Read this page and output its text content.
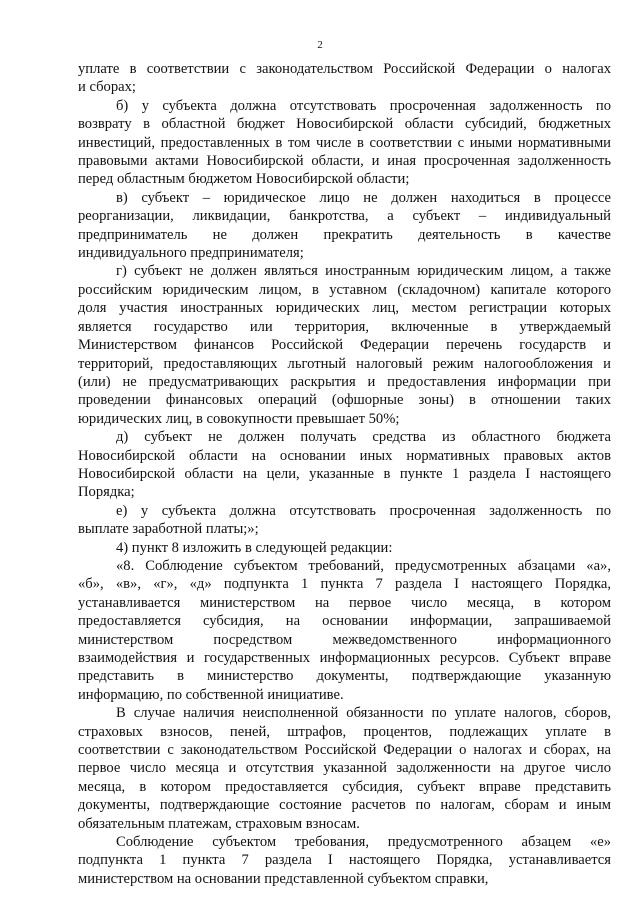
2
уплате в соответствии с законодательством Российской Федерации о налогах
и сборах;
б) у субъекта должна отсутствовать просроченная задолженность по
возврату в областной бюджет Новосибирской области субсидий, бюджетных
инвестиций, предоставленных в том числе в соответствии с иными нормативными
правовыми актами Новосибирской области, и иная просроченная задолженность
перед областным бюджетом Новосибирской области;
в) субъект – юридическое лицо не должен находиться в процессе
реорганизации, ликвидации, банкротства, а субъект – индивидуальный
предприниматель не должен прекратить деятельность в качестве
индивидуального предпринимателя;
г) субъект не должен являться иностранным юридическим лицом, а также
российским юридическим лицом, в уставном (складочном) капитале которого
доля участия иностранных юридических лиц, местом регистрации которых
является государство или территория, включенные в утверждаемый
Министерством финансов Российской Федерации перечень государств и
территорий, предоставляющих льготный налоговый режим налогообложения и
(или) не предусматривающих раскрытия и предоставления информации при
проведении финансовых операций (офшорные зоны) в отношении таких
юридических лиц, в совокупности превышает 50%;
д) субъект не должен получать средства из областного бюджета
Новосибирской области на основании иных нормативных правовых актов
Новосибирской области на цели, указанные в пункте 1 раздела I настоящего
Порядка;
е) у субъекта должна отсутствовать просроченная задолженность по
выплате заработной платы;»;
4) пункт 8 изложить в следующей редакции:
«8. Соблюдение субъектом требований, предусмотренных абзацами «а»,
«б», «в», «г», «д» подпункта 1 пункта 7 раздела I настоящего Порядка,
устанавливается министерством на первое число месяца, в котором
предоставляется субсидия, на основании информации, запрашиваемой
министерством посредством межведомственного информационного
взаимодействия и государственных информационных ресурсов. Субъект вправе
представить в министерство документы, подтверждающие указанную
информацию, по собственной инициативе.
В случае наличия неисполненной обязанности по уплате налогов, сборов,
страховых взносов, пеней, штрафов, процентов, подлежащих уплате в
соответствии с законодательством Российской Федерации о налогах и сборах, на
первое число месяца и отсутствия указанной задолженности на другое число
месяца, в котором предоставляется субсидия, субъект вправе представить
документы, подтверждающие состояние расчетов по налогам, сборам и иным
обязательным платежам, страховым взносам.
Соблюдение субъектом требования, предусмотренного абзацем «е»
подпункта 1 пункта 7 раздела I настоящего Порядка, устанавливается
министерством на основании представленной субъектом справки,
